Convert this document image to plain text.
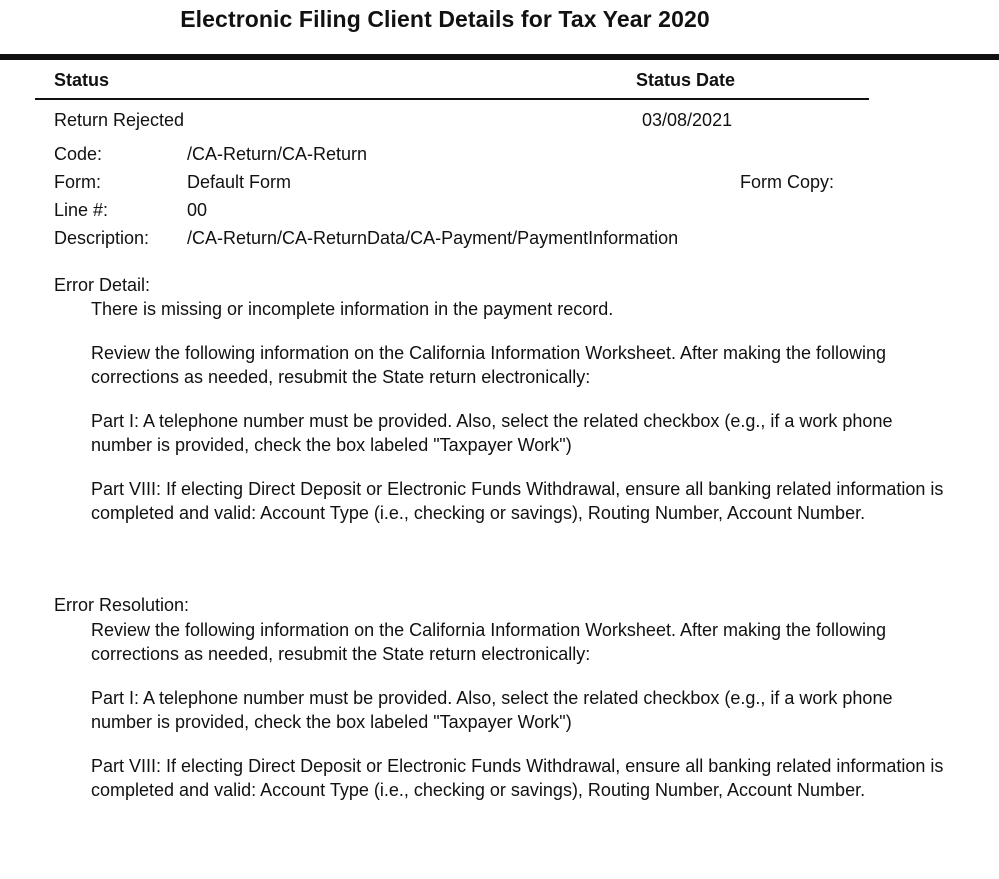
Electronic Filing Client Details for Tax Year 2020
Status	Status Date
Return Rejected	03/08/2021
Code:	/CA-Return/CA-Return
Form:	Default Form	Form Copy:
Line #:	00
Description: /CA-Return/CA-ReturnData/CA-Payment/PaymentInformation
Error Detail:

There is missing or incomplete information in the payment record.

Review the following information on the California Information Worksheet. After making the following corrections as needed, resubmit the State return electronically:

Part I: A telephone number must be provided. Also, select the related checkbox (e.g., if a work phone number is provided, check the box labeled "Taxpayer Work")

Part VIII: If electing Direct Deposit or Electronic Funds Withdrawal, ensure all banking related information is completed and valid: Account Type (i.e., checking or savings), Routing Number, Account Number.

Error Resolution:

Review the following information on the California Information Worksheet. After making the following corrections as needed, resubmit the State return electronically:

Part I: A telephone number must be provided. Also, select the related checkbox (e.g., if a work phone number is provided, check the box labeled "Taxpayer Work")

Part VIII: If electing Direct Deposit or Electronic Funds Withdrawal, ensure all banking related information is completed and valid: Account Type (i.e., checking or savings), Routing Number, Account Number.
